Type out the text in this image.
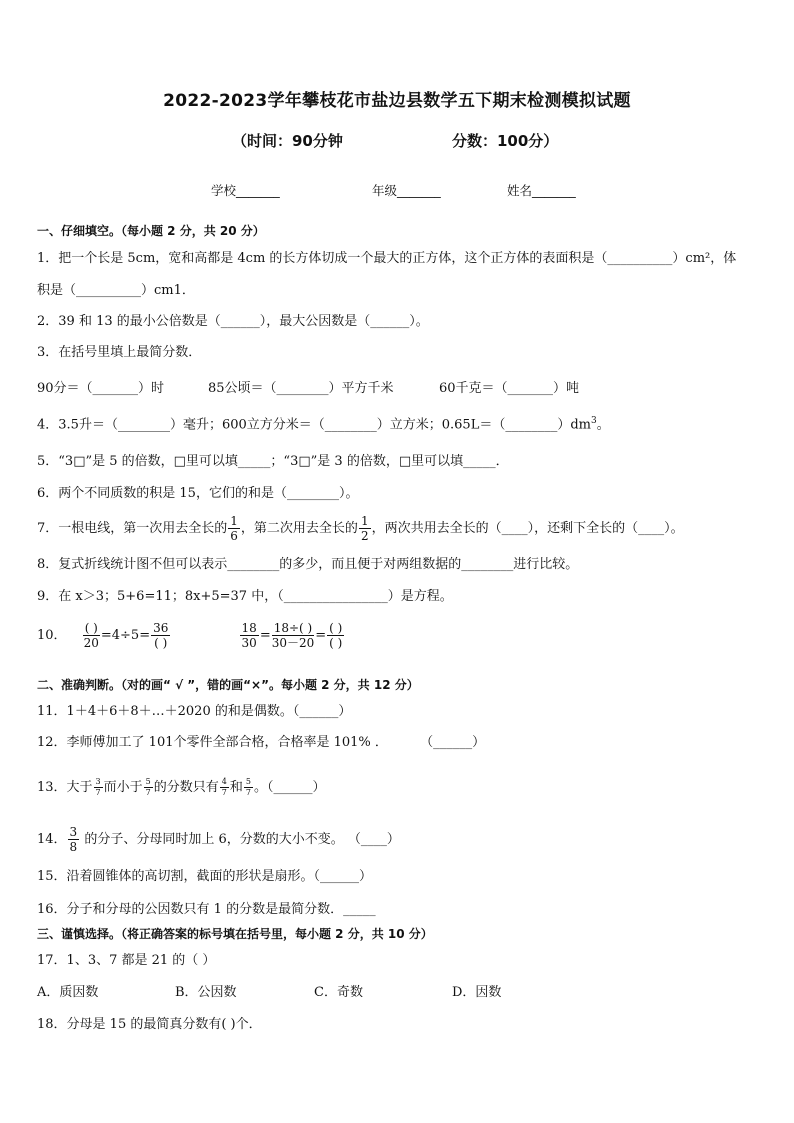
2022-2023学年攀枝花市盐边县数学五下期末检测模拟试题
（时间：90分钟	分数：100分）
学校_______	年级_______	姓名_______
一、仔细填空。（每小题 2 分，共 20 分）
1．把一个长是 5cm，宽和高都是 4cm 的长方体切成一个最大的正方体，这个正方体的表面积是（__________）cm²，体
积是（__________）cm1．
2．39 和 13 的最小公倍数是（______），最大公因数是（______）。
3．在括号里填上最简分数．
90分＝（_______）时	85公顷＝（________）平方千米	60千克＝（_______）吨
4．3.5升＝（________）毫升；600立方分米＝（________）立方米；$0.65L=(\_\_\_\_\_\_\_\_)dm^3$。
5．“3□”是 5 的倍数，□里可以填_____；“3□”是 3 的倍数，□里可以填_____．
6．两个不同质数的积是 15，它们的和是（________）。
7．一根电线，第一次用去全长的 $\frac{1}{6}$ ，第二次用去全长的 $\frac{1}{2}$ ，两次共用去全长的（____），还剩下全长的（____）。
8．复式折线统计图不但可以表示________的多少，而且便于对两组数据的________进行比较。
9．在 x＞3；5+6=11；8x+5=37 中，（________________）是方程。
10． $\frac{( )}{20} =4\div 5= \frac{36}{( )}$
	$\frac{18}{30} = \frac{18\div( )}{30-20} = \frac{( )}{( )}$
二、准确判断。（对的画“ √ ”，错的画“×”。每小题 2 分，共 12 分）
11．1＋4＋6＋8＋…＋2020 的和是偶数。（______）
12．李师傅加工了 101个零件全部合格，合格率是 101% ． （______）
13．大于 $\frac{3}{7}$ 而小于 $\frac{5}{7}$ 的分数只有 $\frac{4}{7}$ 和 $\frac{5}{7}$ 。（______）
14． $\frac{3}{8}$ 的分子、分母同时加上 6，分数的大小不变。 （____）
15．沿着圆锥体的高切割，截面的形状是扇形。（______）
16．分子和分母的公因数只有 1 的分数是最简分数．_____
三、谨慎选择。（将正确答案的标号填在括号里，每小题 2 分，共 10 分）
17．1、3、7 都是 21 的（ ）
A．质因数	B．公因数	C．奇数	D．因数
18．分母是 15 的最简真分数有( )个．
